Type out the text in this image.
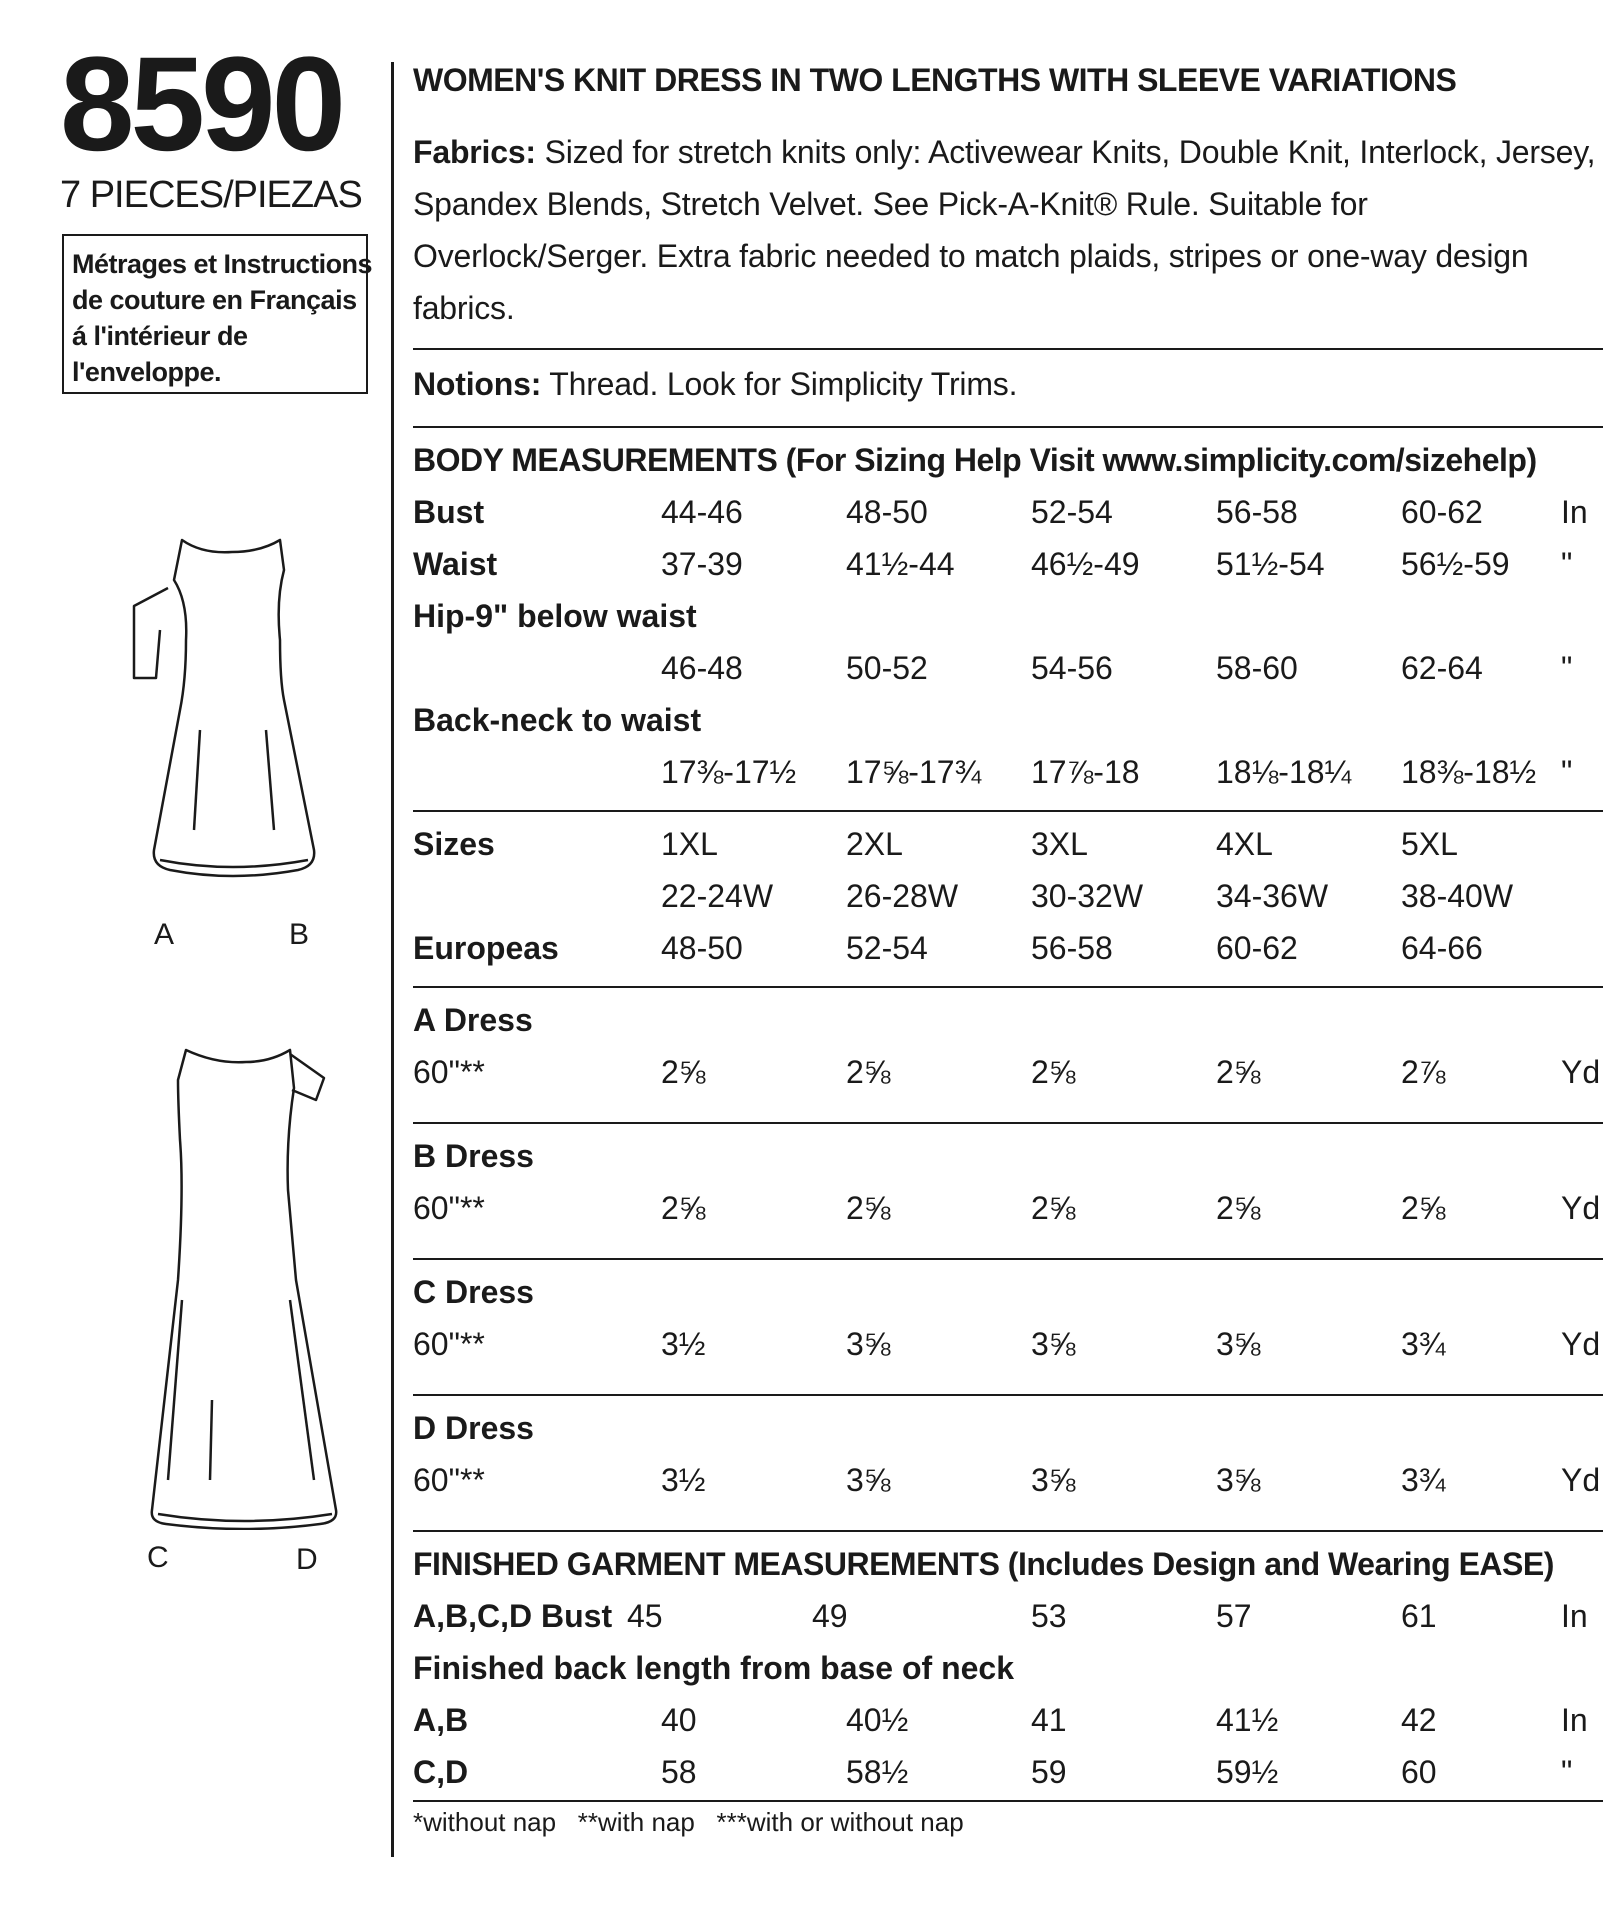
8590
7 PIECES/PIEZAS
Métrages et Instructions
de couture en Français
á l'intérieur de
l'enveloppe.
A	B
C	D
WOMEN'S KNIT DRESS IN TWO LENGTHS WITH SLEEVE VARIATIONS
Fabrics: Sized for stretch knits only: Activewear Knits, Double Knit, Interlock, Jersey, Spandex Blends, Stretch Velvet. See Pick-A-Knit® Rule. Suitable for Overlock/Serger. Extra fabric needed to match plaids, stripes or one-way design fabrics.
Notions: Thread. Look for Simplicity Trims.
BODY MEASUREMENTS (For Sizing Help Visit www.simplicity.com/sizehelp)
Bust	44-46	48-50	52-54	56-58	60-62 In
Waist	37-39	41½-44 46½-49 51½-54 56½-59 "
Hip-9" below waist
46-48	50-52	54-56	58-60	62-64 "
Back-neck to waist
17⅜-17½ 17⅝-17¾ 17⅞-18 18⅛-18¼ 18⅜-18½ "
Sizes	1XL	2XL	3XL	4XL	5XL
22-24W 26-28W 30-32W 34-36W 38-40W
Europeas	48-50	52-54	56-58	60-62	64-66
A Dress
60"**	2⅝	2⅝	2⅝	2⅝	2⅞	Yd
B Dress
60"**	2⅝	2⅝	2⅝	2⅝	2⅝	Yd
C Dress
60"**	3½	3⅝	3⅝	3⅝	3¾	Yd
D Dress
60"**	3½	3⅝	3⅝	3⅝	3¾	Yd
FINISHED GARMENT MEASUREMENTS (Includes Design and Wearing EASE)
A,B,C,D Bust 45	49	53	57	61	In
Finished back length from base of neck
A,B	40	40½	41	41½	42	In
C,D	58	58½	59	59½	60	"
*without nap   **with nap   ***with or without nap
